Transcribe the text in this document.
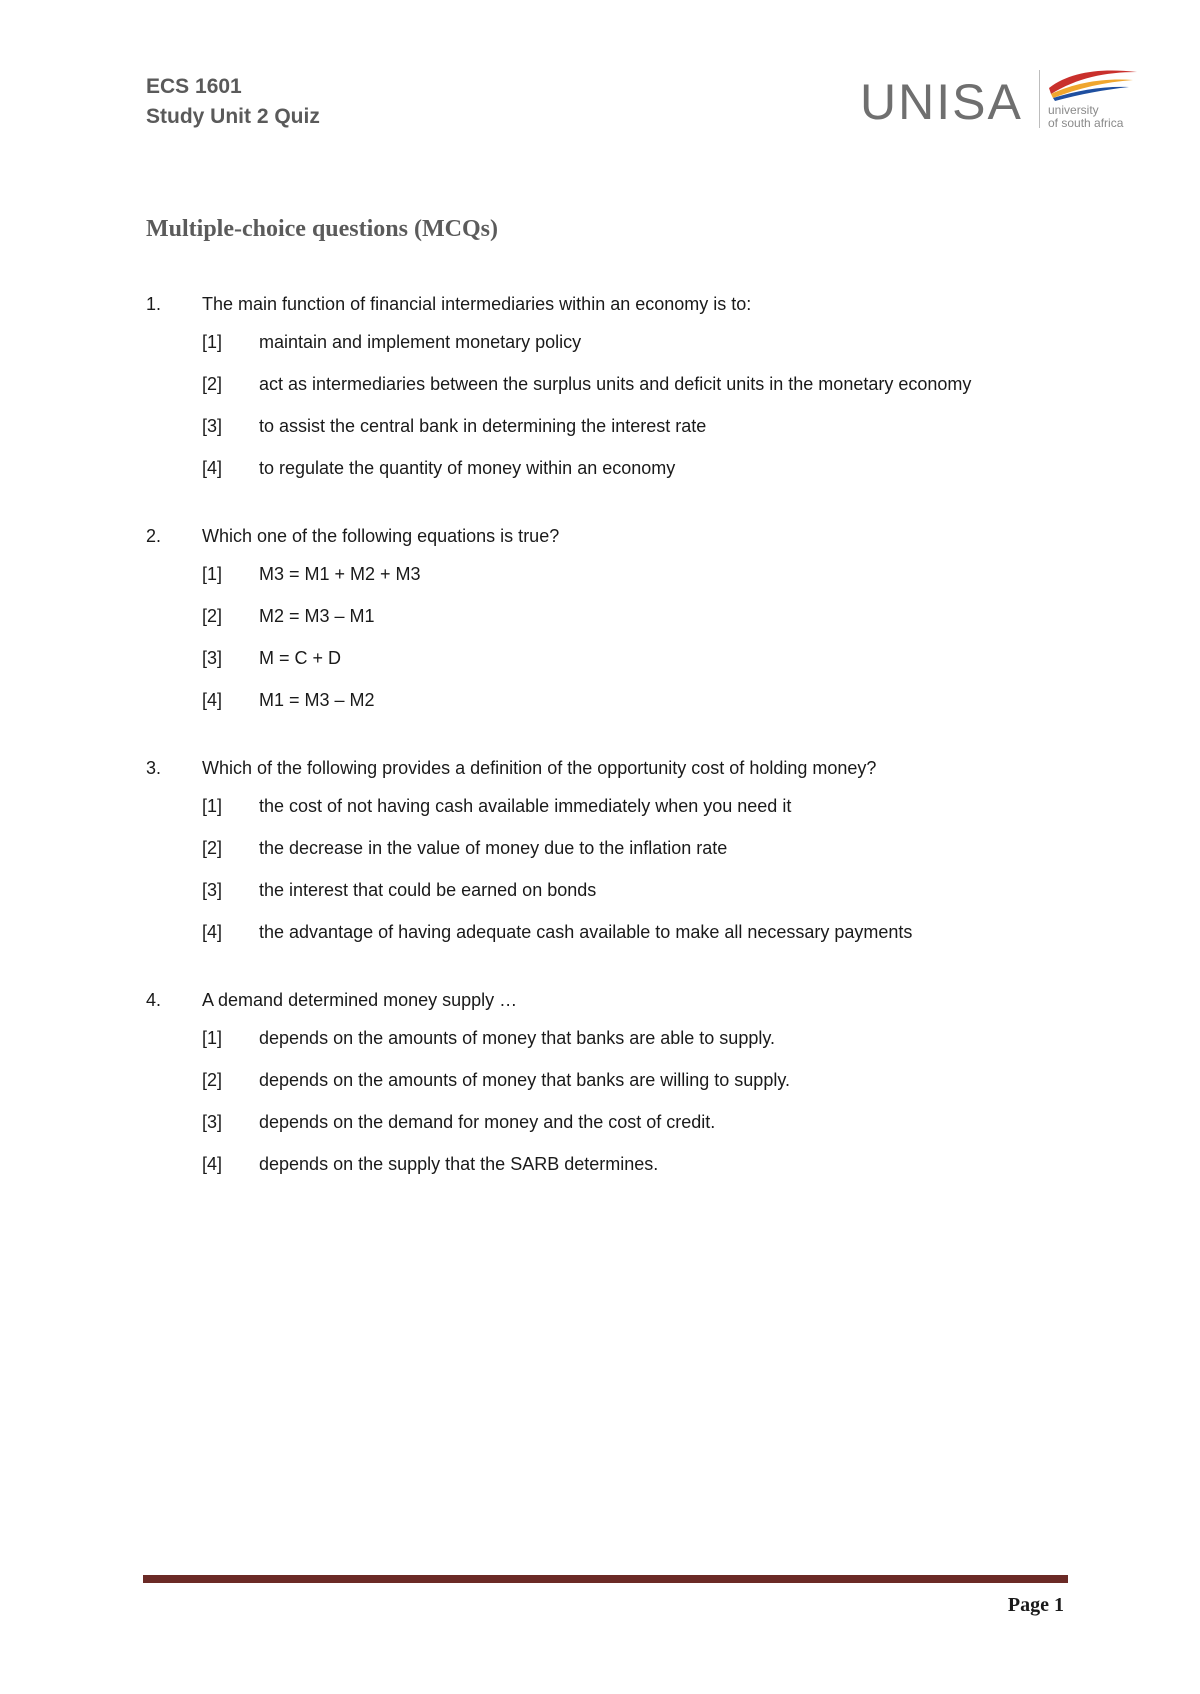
ECS 1601
Study Unit 2 Quiz	UNISA university
of south africa
Multiple-choice questions (MCQs)
1.	The main function of financial intermediaries within an economy is to:
[1]	maintain and implement monetary policy
[2]	act as intermediaries between the surplus units and deficit units in the monetary economy
[3]	to assist the central bank in determining the interest rate
[4]	to regulate the quantity of money within an economy
2.	Which one of the following equations is true?
[1]	M3 = M1 + M2 + M3
[2]	M2 = M3 – M1
[3]	M = C + D
[4]	M1 = M3 – M2
3.	Which of the following provides a definition of the opportunity cost of holding money?
[1]	the cost of not having cash available immediately when you need it
[2]	the decrease in the value of money due to the inflation rate
[3]	the interest that could be earned on bonds
[4]	the advantage of having adequate cash available to make all necessary payments
4.	A demand determined money supply …
[1]	depends on the amounts of money that banks are able to supply.
[2]	depends on the amounts of money that banks are willing to supply.
[3]	depends on the demand for money and the cost of credit.
[4]	depends on the supply that the SARB determines.
Page 1
